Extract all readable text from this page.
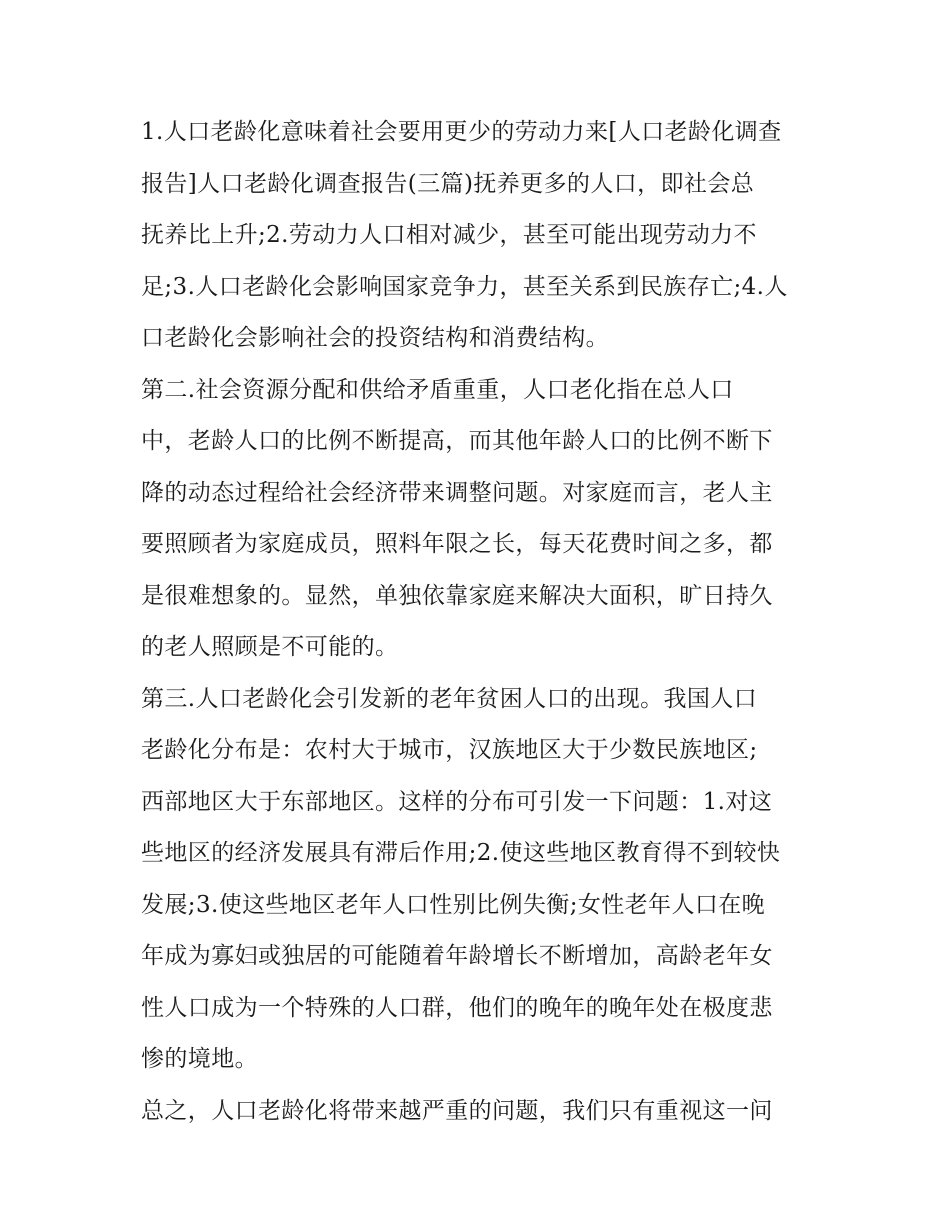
1.人口老龄化意味着社会要用更少的劳动力来[人口老龄化调查
报告]人口老龄化调查报告(三篇)抚养更多的人口，即社会总
抚养比上升;2.劳动力人口相对减少，甚至可能出现劳动力不
足;3.人口老龄化会影响国家竞争力，甚至关系到民族存亡;4.人
口老龄化会影响社会的投资结构和消费结构。
第二.社会资源分配和供给矛盾重重，人口老化指在总人口
中，老龄人口的比例不断提高，而其他年龄人口的比例不断下
降的动态过程给社会经济带来调整问题。对家庭而言，老人主
要照顾者为家庭成员，照料年限之长，每天花费时间之多，都
是很难想象的。显然，单独依靠家庭来解决大面积，旷日持久
的老人照顾是不可能的。
第三.人口老龄化会引发新的老年贫困人口的出现。我国人口
老龄化分布是：农村大于城市，汉族地区大于少数民族地区;
西部地区大于东部地区。这样的分布可引发一下问题：1.对这
些地区的经济发展具有滞后作用;2.使这些地区教育得不到较快
发展;3.使这些地区老年人口性别比例失衡;女性老年人口在晚
年成为寡妇或独居的可能随着年龄增长不断增加，高龄老年女
性人口成为一个特殊的人口群，他们的晚年的晚年处在极度悲
惨的境地。
总之，人口老龄化将带来越严重的问题，我们只有重视这一问
